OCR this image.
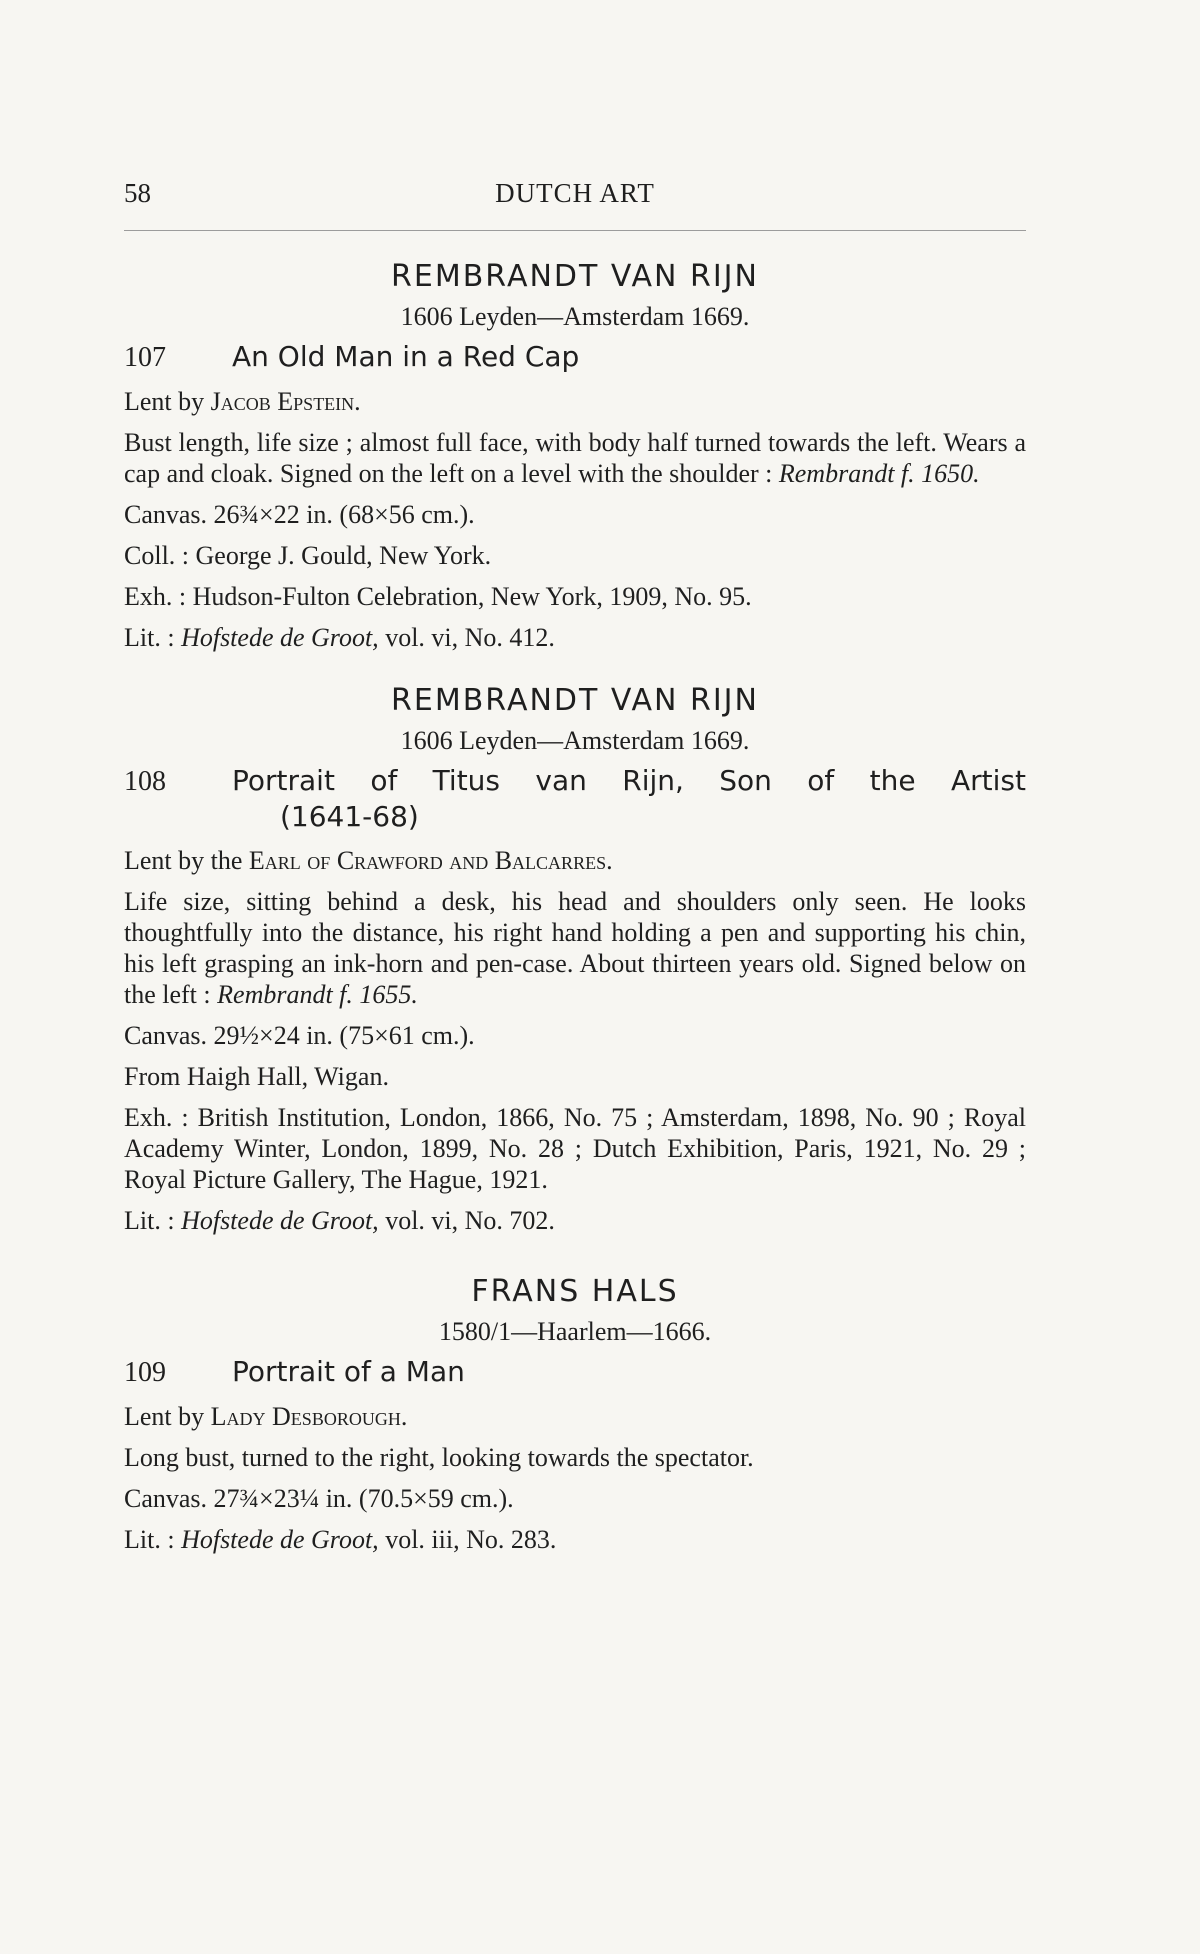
58	DUTCH ART
REMBRANDT VAN RIJN
1606 Leyden—Amsterdam 1669.
107	An Old Man in a Red Cap
Lent by Jacob Epstein.
Bust length, life size ; almost full face, with body half turned towards the left. Wears a cap and cloak. Signed on the left on a level with the shoulder : Rembrandt f. 1650.
Canvas. 26¾×22 in. (68×56 cm.).
Coll. : George J. Gould, New York.
Exh. : Hudson-Fulton Celebration, New York, 1909, No. 95.
Lit. : Hofstede de Groot, vol. vi, No. 412.
REMBRANDT VAN RIJN
1606 Leyden—Amsterdam 1669.
108	Portrait of Titus van Rijn, Son of the Artist
(1641-68)
Lent by the Earl of Crawford and Balcarres.
Life size, sitting behind a desk, his head and shoulders only seen. He looks thoughtfully into the distance, his right hand holding a pen and supporting his chin, his left grasping an ink-horn and pen-case. About thirteen years old. Signed below on the left : Rembrandt f. 1655.
Canvas. 29½×24 in. (75×61 cm.).
From Haigh Hall, Wigan.
Exh. : British Institution, London, 1866, No. 75 ; Amsterdam, 1898, No. 90 ; Royal Academy Winter, London, 1899, No. 28 ; Dutch Exhibition, Paris, 1921, No. 29 ; Royal Picture Gallery, The Hague, 1921.
Lit. : Hofstede de Groot, vol. vi, No. 702.
FRANS HALS
1580/1—Haarlem—1666.
109	Portrait of a Man
Lent by Lady Desborough.
Long bust, turned to the right, looking towards the spectator.
Canvas. 27¾×23¼ in. (70.5×59 cm.).
Lit. : Hofstede de Groot, vol. iii, No. 283.
